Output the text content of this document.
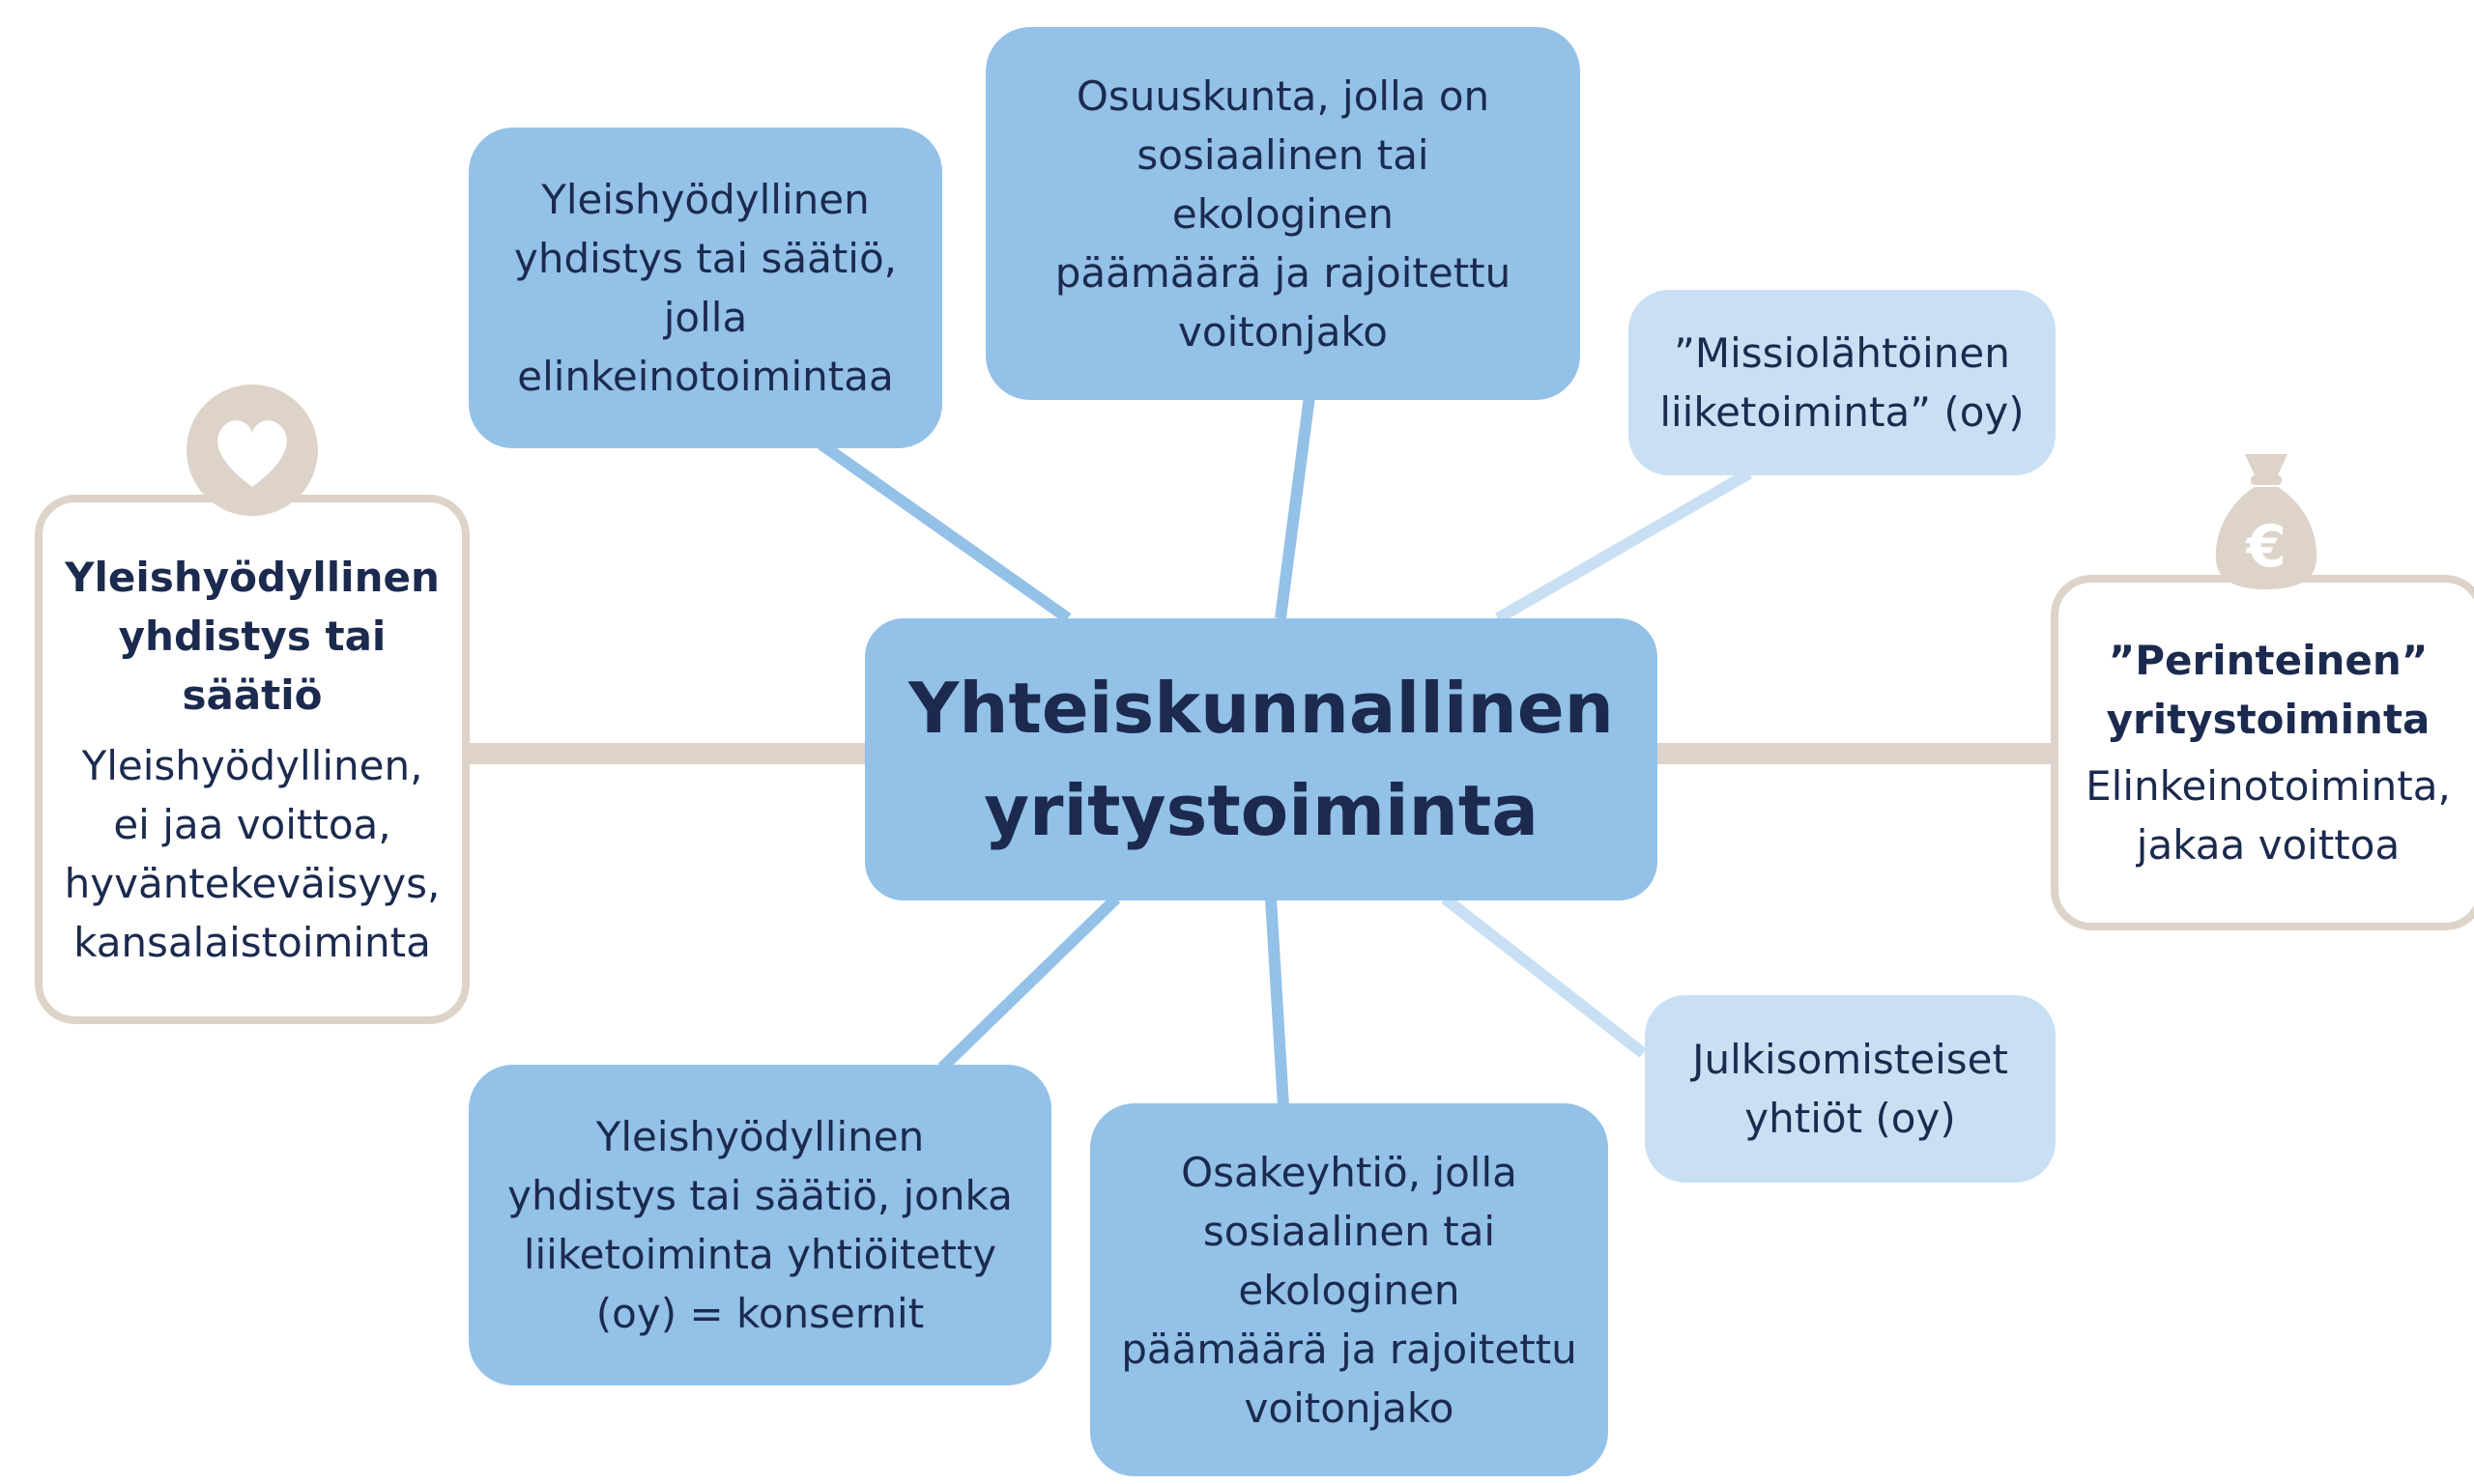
Yhteiskunnallinen
yritystoiminta
Yleishyödyllinen
yhdistys tai säätiö,
jolla
elinkeinotoimintaa
Osuuskunta, jolla on
sosiaalinen tai
ekologinen
päämäärä ja rajoitettu
voitonjako	”Missiolähtöinen
liiketoiminta” (oy)
Yleishyödyllinen
yhdistys tai säätiö, jonka
liiketoiminta yhtiöitetty
(oy) = konsernit
Osakeyhtiö, jolla
sosiaalinen tai
ekologinen
päämäärä ja rajoitettu
voitonjako
Julkisomisteiset
yhtiöt (oy)
Yleishyödyllinen
yhdistys tai
säätiö
Yleishyödyllinen,
ei jaa voittoa,
hyväntekeväisyys,
kansalaistoiminta
”Perinteinen”
yritystoiminta
Elinkeinotoiminta,
jakaa voittoa
€
